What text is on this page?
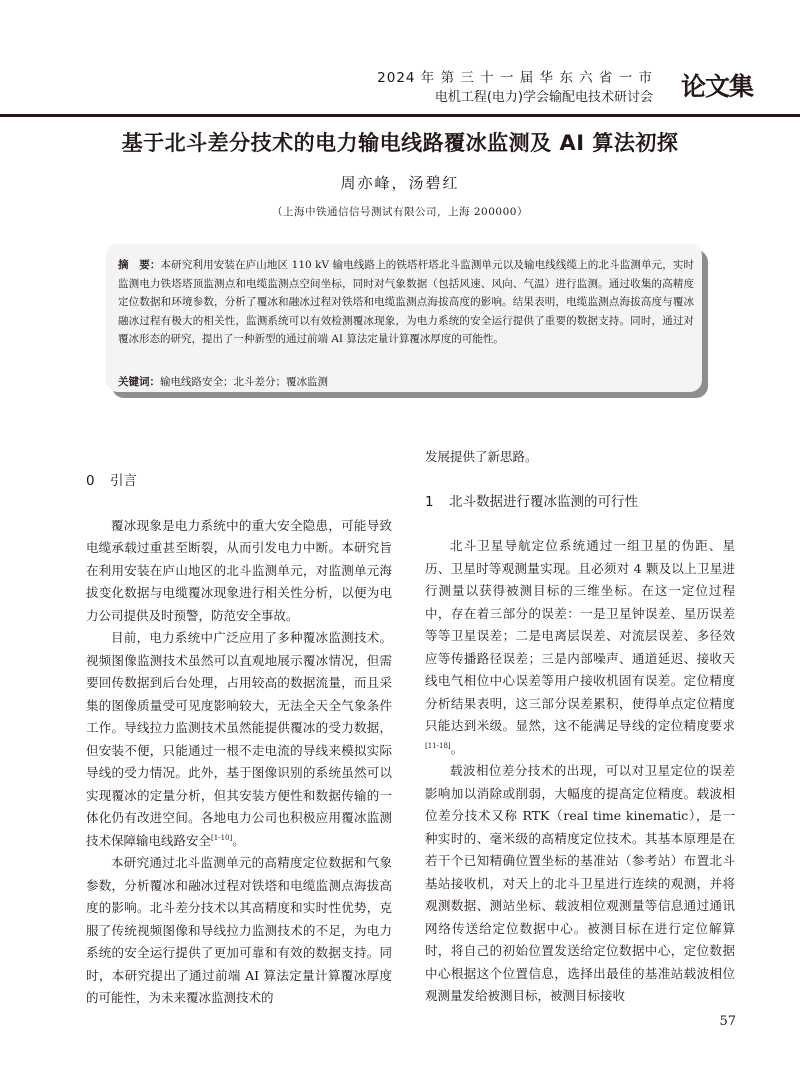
2024 年 第 三 十 一 届 华 东 六 省 一 市
电机工程(电力)学会输配电技术研讨会 论文集
基于北斗差分技术的电力输电线路覆冰监测及 AI 算法初探
周亦峰，汤碧红
（上海中铁通信信号测试有限公司，上海 200000）
摘　要：本研究利用安装在庐山地区 110 kV 输电线路上的铁塔杆塔北斗监测单元以及输电线线缆上的北斗监测单元，实时监测电力铁塔塔顶监测点和电缆监测点空间坐标，同时对气象数据（包括风速、风向、气温）进行监测。通过收集的高精度定位数据和环境参数，分析了覆冰和融冰过程对铁塔和电缆监测点海拔高度的影响。结果表明，电缆监测点海拔高度与覆冰融冰过程有极大的相关性，监测系统可以有效检测覆冰现象，为电力系统的安全运行提供了重要的数据支持。同时，通过对覆冰形态的研究，提出了一种新型的通过前端 AI 算法定量计算覆冰厚度的可能性。
关键词：输电线路安全；北斗差分；覆冰监测

0 引言

覆冰现象是电力系统中的重大安全隐患，可能导致电缆承载过重甚至断裂，从而引发电力中断。本研究旨在利用安装在庐山地区的北斗监测单元，对监测单元海拔变化数据与电缆覆冰现象进行相关性分析，以便为电力公司提供及时预警，防范安全事故。

目前，电力系统中广泛应用了多种覆冰监测技术。视频图像监测技术虽然可以直观地展示覆冰情况，但需要回传数据到后台处理，占用较高的数据流量，而且采集的图像质量受可见度影响较大，无法全天全气象条件工作。导线拉力监测技术虽然能提供覆冰的受力数据，但安装不便，只能通过一根不走电流的导线来模拟实际导线的受力情况。此外，基于图像识别的系统虽然可以实现覆冰的定量分析，但其安装方便性和数据传输的一体化仍有改进空间。各地电力公司也积极应用覆冰监测技术保障输电线路安全[1-10]。

本研究通过北斗监测单元的高精度定位数据和气象参数，分析覆冰和融冰过程对铁塔和电缆监测点海拔高度的影响。北斗差分技术以其高精度和实时性优势，克服了传统视频图像和导线拉力监测技术的不足，为电力系统的安全运行提供了更加可靠和有效的数据支持。同时，本研究提出了通过前端 AI 算法定量计算覆冰厚度的可能性，为未来覆冰监测技术的

发展提供了新思路。

1 北斗数据进行覆冰监测的可行性

北斗卫星导航定位系统通过一组卫星的伪距、星历、卫星时等观测量实现。且必须对 4 颗及以上卫星进行测量以获得被测目标的三维坐标。在这一定位过程中，存在着三部分的误差：一是卫星钟误差、星历误差等等卫星误差；二是电离层误差、对流层误差、多径效应等传播路径误差；三是内部噪声、通道延迟、接收天线电气相位中心误差等用户接收机固有误差。定位精度分析结果表明，这三部分误差累积，使得单点定位精度只能达到米级。显然，这不能满足导线的定位精度要求[11-18]。

载波相位差分技术的出现，可以对卫星定位的误差影响加以消除或削弱，大幅度的提高定位精度。载波相位差分技术又称 RTK（real time kinematic），是一种实时的、毫米级的高精度定位技术。其基本原理是在若干个已知精确位置坐标的基准站（参考站）布置北斗基站接收机，对天上的北斗卫星进行连续的观测，并将观测数据、测站坐标、载波相位观测量等信息通过通讯网络传送给定位数据中心。被测目标在进行定位解算时，将自己的初始位置发送给定位数据中心，定位数据中心根据这个位置信息，选择出最佳的基准站载波相位观测量发给被测目标，被测目标接收

57
